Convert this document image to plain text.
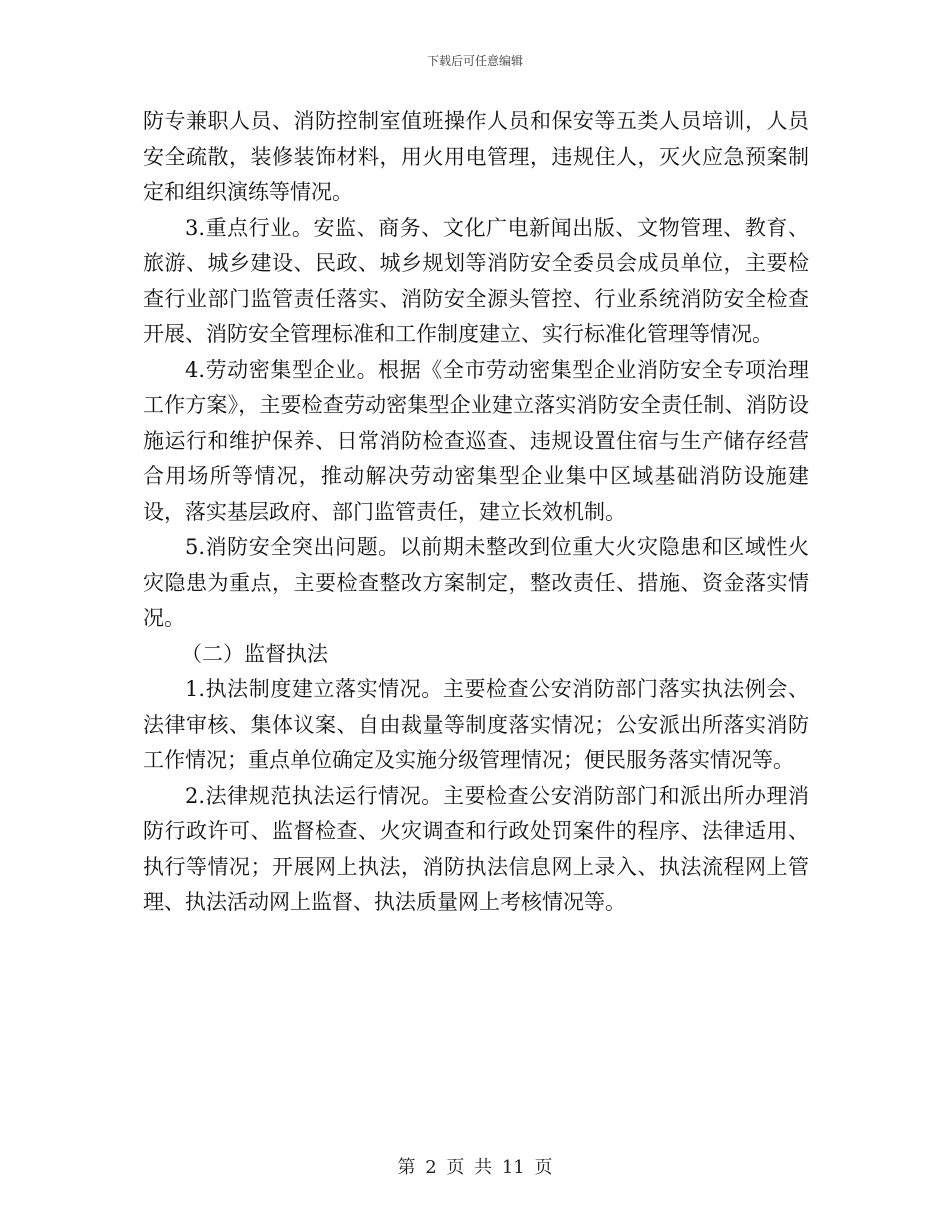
下载后可任意编辑

防专兼职人员、消防控制室值班操作人员和保安等五类人员培训，人员安全疏散，装修装饰材料，用火用电管理，违规住人，灭火应急预案制定和组织演练等情况。

3.重点行业。安监、商务、文化广电新闻出版、文物管理、教育、旅游、城乡建设、民政、城乡规划等消防安全委员会成员单位，主要检查行业部门监管责任落实、消防安全源头管控、行业系统消防安全检查开展、消防安全管理标准和工作制度建立、实行标准化管理等情况。

4.劳动密集型企业。根据《全市劳动密集型企业消防安全专项治理工作方案》，主要检查劳动密集型企业建立落实消防安全责任制、消防设施运行和维护保养、日常消防检查巡查、违规设置住宿与生产储存经营合用场所等情况，推动解决劳动密集型企业集中区域基础消防设施建设，落实基层政府、部门监管责任，建立长效机制。

5.消防安全突出问题。以前期未整改到位重大火灾隐患和区域性火灾隐患为重点，主要检查整改方案制定，整改责任、措施、资金落实情况。

（二）监督执法

1.执法制度建立落实情况。主要检查公安消防部门落实执法例会、法律审核、集体议案、自由裁量等制度落实情况；公安派出所落实消防工作情况；重点单位确定及实施分级管理情况；便民服务落实情况等。

2.法律规范执法运行情况。主要检查公安消防部门和派出所办理消防行政许可、监督检查、火灾调查和行政处罚案件的程序、法律适用、执行等情况；开展网上执法，消防执法信息网上录入、执法流程网上管理、执法活动网上监督、执法质量网上考核情况等。

第 2 页 共 11 页
